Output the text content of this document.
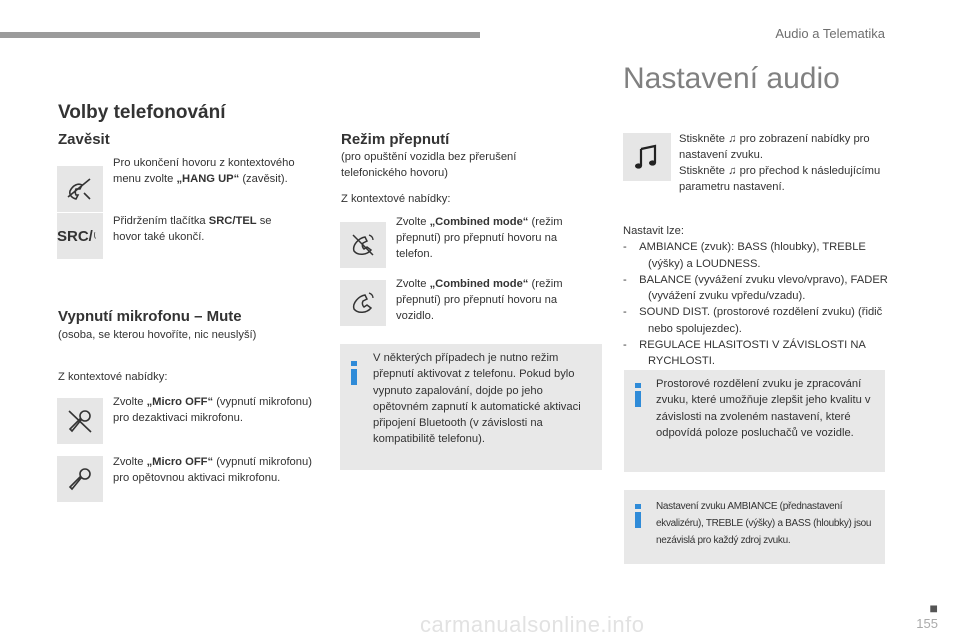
Audio a Telematika
Volby telefonování
Zavěsit
Pro ukončení hovoru z kontextového menu zvolte „HANG UP“ (zavěsit).
SRC/
Přidržením tlačítka SRC/TEL se hovor také ukončí.
Vypnutí mikrofonu – Mute
(osoba, se kterou hovoříte, nic neuslyší)
Z kontextové nabídky:
Zvolte „Micro OFF“ (vypnutí mikrofonu) pro dezaktivaci mikrofonu.
Zvolte „Micro OFF“ (vypnutí mikrofonu) pro opětovnou aktivaci mikrofonu.
Režim přepnutí
(pro opuštění vozidla bez přerušení telefonického hovoru)
Z kontextové nabídky:
Zvolte „Combined mode“ (režim přepnutí) pro přepnutí hovoru na telefon.
Zvolte „Combined mode“ (režim přepnutí) pro přepnutí hovoru na vozidlo.
V některých případech je nutno režim přepnutí aktivovat z telefonu. Pokud bylo vypnuto zapalování, dojde po jeho opětovném zapnutí k automatické aktivaci připojení Bluetooth (v závislosti na kompatibilitě telefonu).
Nastavení audio
Stiskněte ♫ pro zobrazení nabídky pro nastavení zvuku.
Stiskněte ♫ pro přechod k následujícímu parametru nastavení.
Nastavit lze:
-    AMBIANCE (zvuk): BASS (hloubky), TREBLE (výšky) a LOUDNESS.
-    BALANCE (vyvážení zvuku vlevo/vpravo), FADER (vyvážení zvuku vpředu/vzadu).
-    SOUND DIST. (prostorové rozdělení zvuku) (řidič nebo spolujezdec).
-    REGULACE HLASITOSTI V ZÁVISLOSTI NA RYCHLOSTI.
Prostorové rozdělení zvuku je zpracování zvuku, které umožňuje zlepšit jeho kvalitu v závislosti na zvoleném nastavení, které odpovídá poloze posluchačů ve vozidle.
Nastavení zvuku AMBIANCE (přednastavení ekvalizéru), TREBLE (výšky) a BASS (hloubky) jsou nezávislá pro každý zdroj zvuku.
■
155
carmanualsonline.info
